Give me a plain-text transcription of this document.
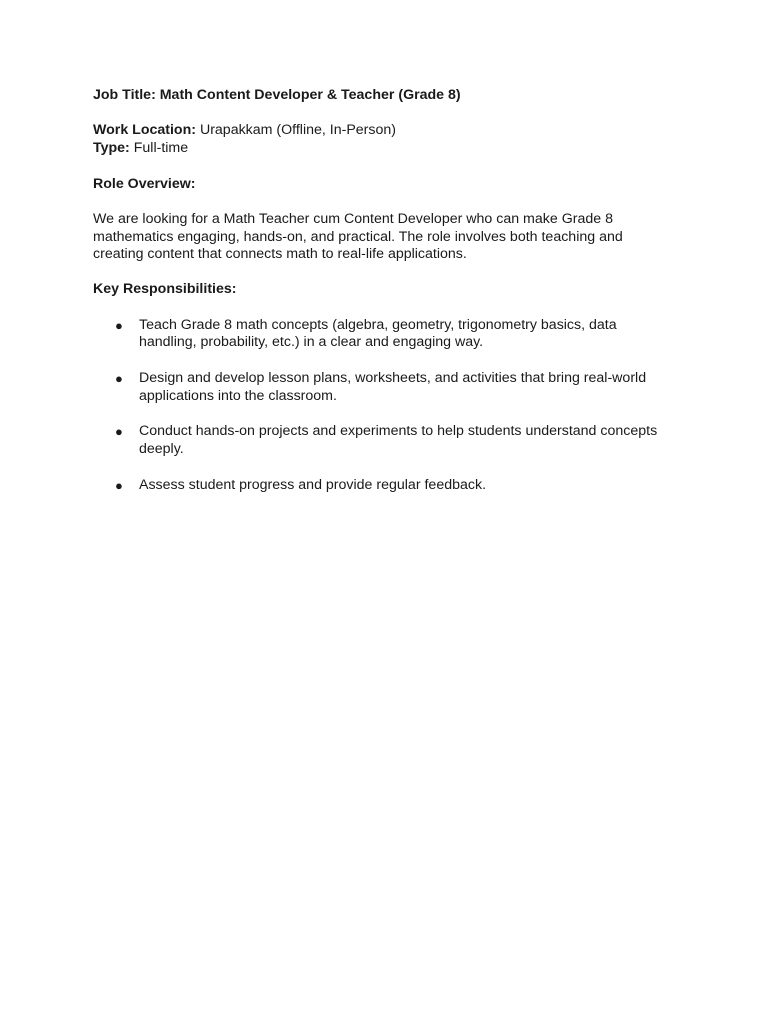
Job Title: Math Content Developer & Teacher (Grade 8)

Work Location: Urapakkam (Offline, In-Person)

Type: Full-time

Role Overview:

We are looking for a Math Teacher cum Content Developer who can make Grade 8 mathematics engaging, hands-on, and practical. The role involves both teaching and creating content that connects math to real-life applications.

Key Responsibilities:

● Teach Grade 8 math concepts (algebra, geometry, trigonometry basics, data handling, probability, etc.) in a clear and engaging way.
● Design and develop lesson plans, worksheets, and activities that bring real-world applications into the classroom.
● Conduct hands-on projects and experiments to help students understand concepts deeply.
● Assess student progress and provide regular feedback.
